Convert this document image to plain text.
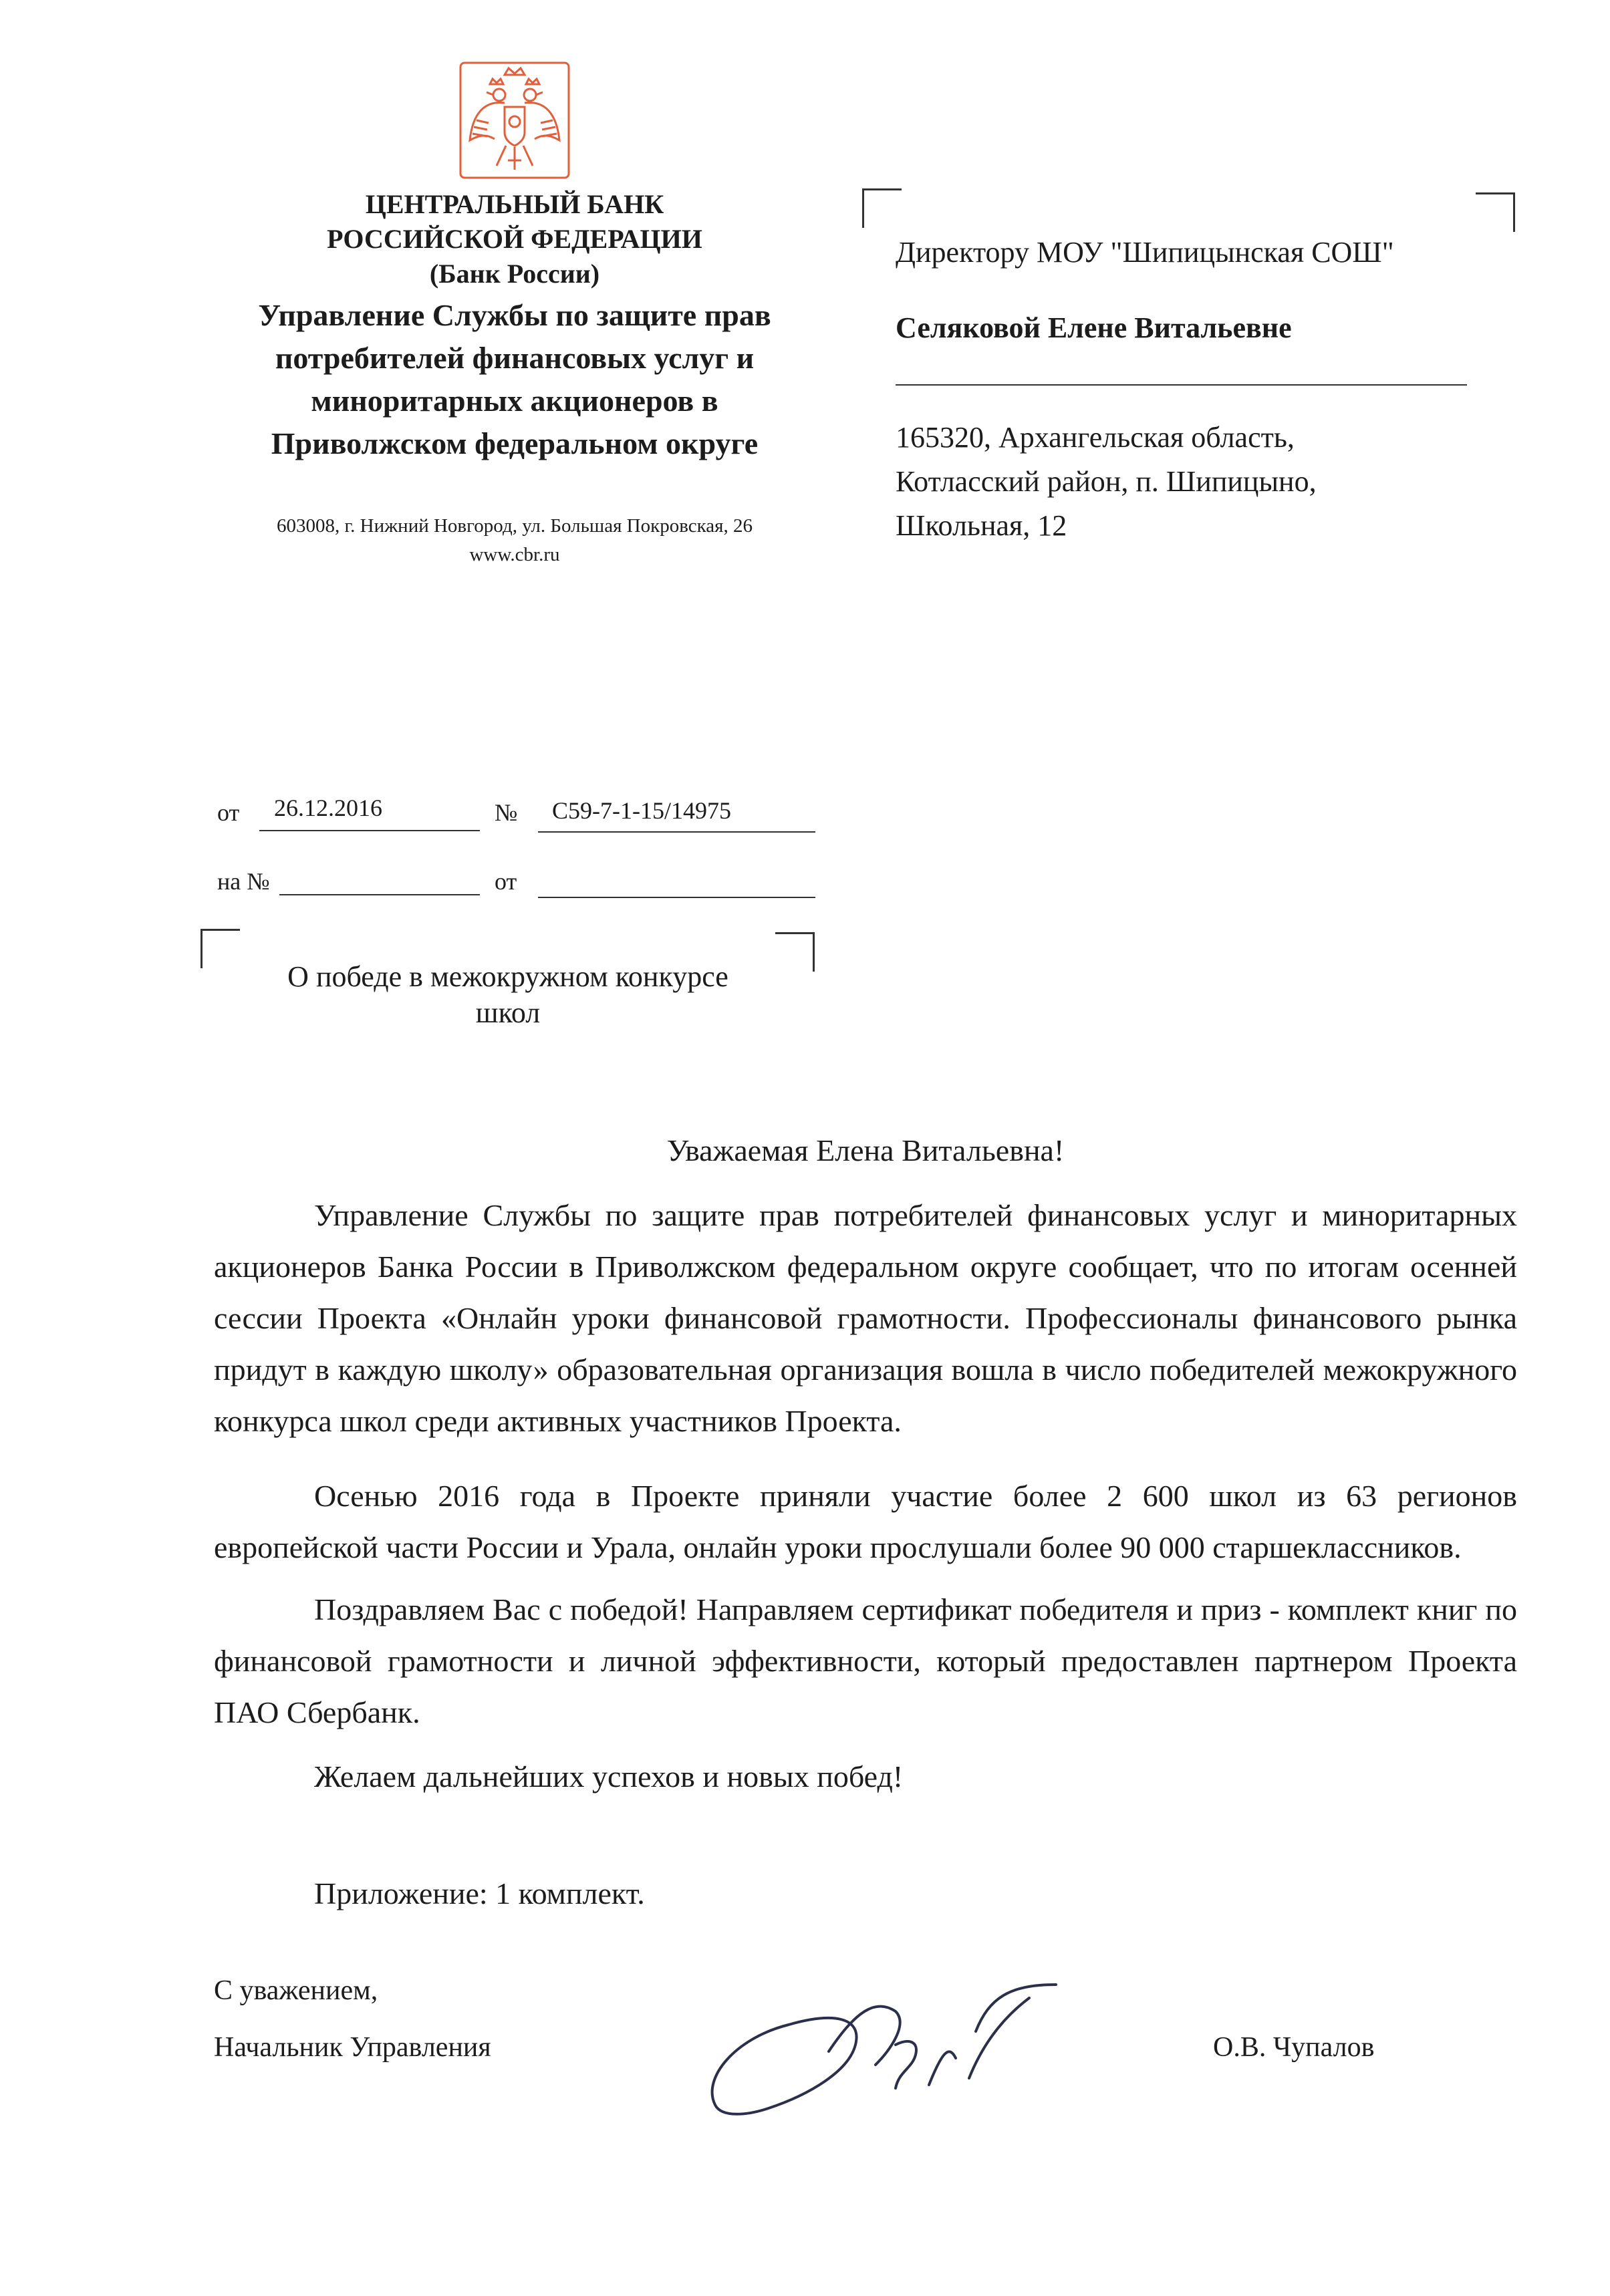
ЦЕНТРАЛЬНЫЙ БАНК
РОССИЙСКОЙ ФЕДЕРАЦИИ
(Банк России)
Управление Службы по защите прав
потребителей финансовых услуг и
миноритарных акционеров в
Приволжском федеральном округе
603008, г. Нижний Новгород, ул. Большая Покровская, 26
www.cbr.ru
Директору МОУ "Шипицынская СОШ"
Селяковой Елене Витальевне
165320, Архангельская область,
Котласский район, п. Шипицыно,
Школьная, 12
от 26.12.2016	№ С59-7-1-15/14975
на №	от
О победе в межокружном конкурсе
школ
Уважаемая Елена Витальевна!
Управление Службы по защите прав потребителей финансовых услуг и миноритарных акционеров Банка России в Приволжском федеральном округе сообщает, что по итогам осенней сессии Проекта «Онлайн уроки финансовой грамотности. Профессионалы финансового рынка придут в каждую школу» образовательная организация вошла в число победителей межокружного конкурса школ среди активных участников Проекта.
Осенью 2016 года в Проекте приняли участие более 2 600 школ из 63 регионов европейской части России и Урала, онлайн уроки прослушали более 90 000 старшеклассников.
Поздравляем Вас с победой! Направляем сертификат победителя и приз - комплект книг по финансовой грамотности и личной эффективности, который предоставлен партнером Проекта ПАО Сбербанк.
Желаем дальнейших успехов и новых побед!
Приложение: 1 комплект.
С уважением,
Начальник Управления	О.В. Чупалов
